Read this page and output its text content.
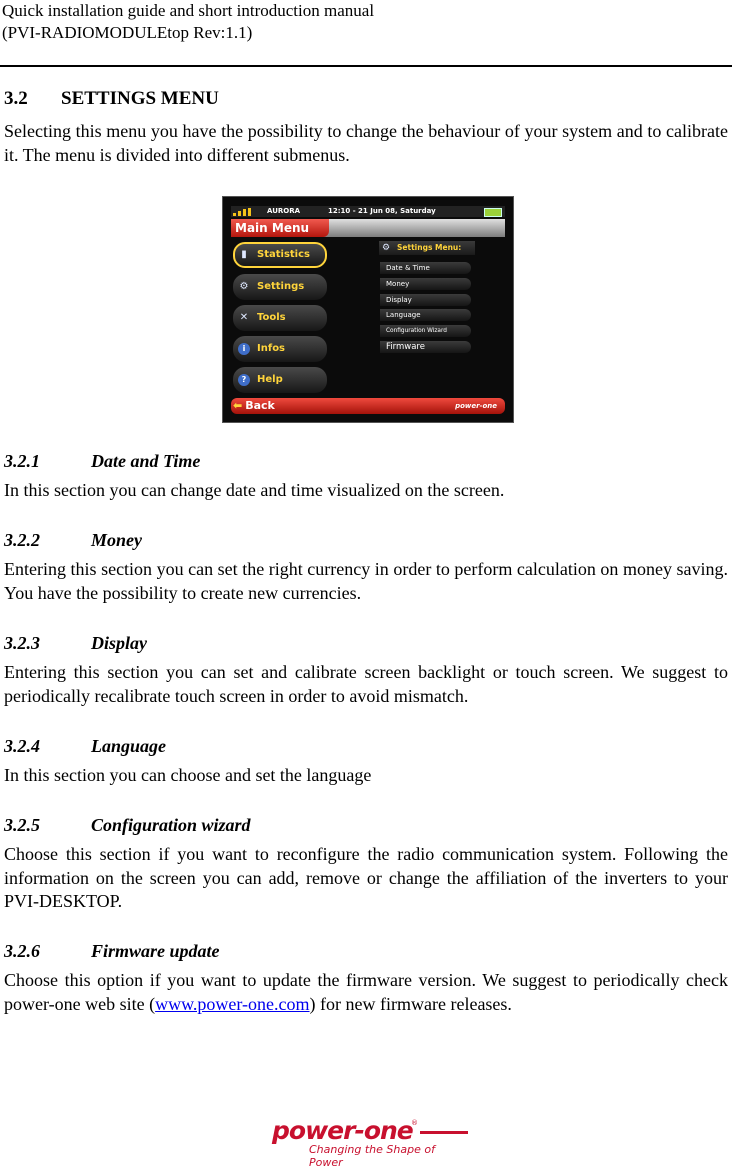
Quick installation guide and short introduction manual
(PVI-RADIOMODULEtop Rev:1.1)
3.2 SETTINGS MENU
Selecting this menu you have the possibility to change the behaviour of your system and to calibrate it. The menu is divided into different submenus.
AURORA	12:10 - 21 Jun 08, Saturday
Main Menu
▮	Statistics
⚙ Settings
✕ Tools
i	Infos
?	Help
⚙ Settings Menu:
Date & Time
Money
Display
Language
Configuration Wizard
Firmware
⬅ Back	power-one
3.2.1	Date and Time
In this section you can change date and time visualized on the screen.
3.2.2	Money
Entering this section you can set the right currency in order to perform calculation on money saving. You have the possibility to create new currencies.
3.2.3	Display
Entering this section you can set and calibrate screen backlight or touch screen. We suggest to periodically recalibrate touch screen in order to avoid mismatch.
3.2.4	Language
In this section you can choose and set the language
3.2.5	Configuration wizard
Choose this section if you want to reconfigure the radio communication system. Following the information on the screen you can add, remove or change the affiliation of the inverters to your PVI-DESKTOP.
3.2.6	Firmware update
Choose this option if you want to update the firmware version. We suggest to periodically check power-one web site (www.power-one.com) for new firmware releases.
power-one
®
Changing the Shape of Power
